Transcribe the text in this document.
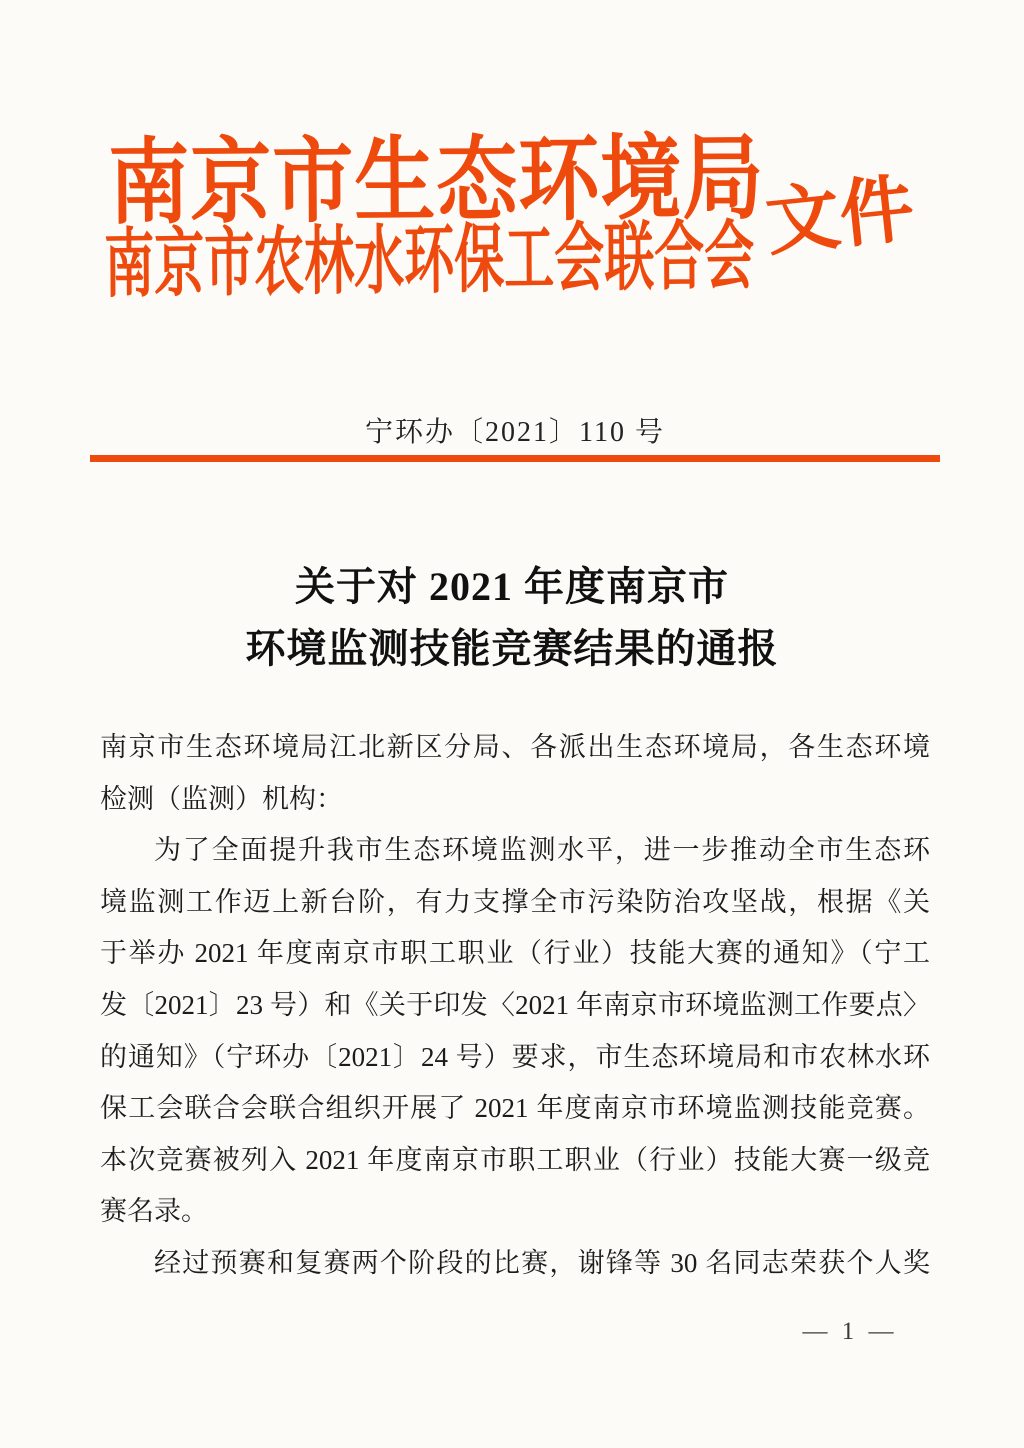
南京市生态环境局
南京市农林水环保工会联合会 文件
宁环办〔2021〕110 号
关于对 2021 年度南京市
环境监测技能竞赛结果的通报
南京市生态环境局江北新区分局、各派出生态环境局，各生态环境
检测（监测）机构：
为了全面提升我市生态环境监测水平，进一步推动全市生态环
境监测工作迈上新台阶，有力支撑全市污染防治攻坚战，根据《关
于举办 2021 年度南京市职工职业（行业）技能大赛的通知》（宁工
发〔2021〕23 号）和《关于印发〈2021 年南京市环境监测工作要点〉
的通知》（宁环办〔2021〕24 号）要求，市生态环境局和市农林水环
保工会联合会联合组织开展了 2021 年度南京市环境监测技能竞赛。
本次竞赛被列入 2021 年度南京市职工职业（行业）技能大赛一级竞
赛名录。
经过预赛和复赛两个阶段的比赛，谢锋等 30 名同志荣获个人奖
— 1 —
